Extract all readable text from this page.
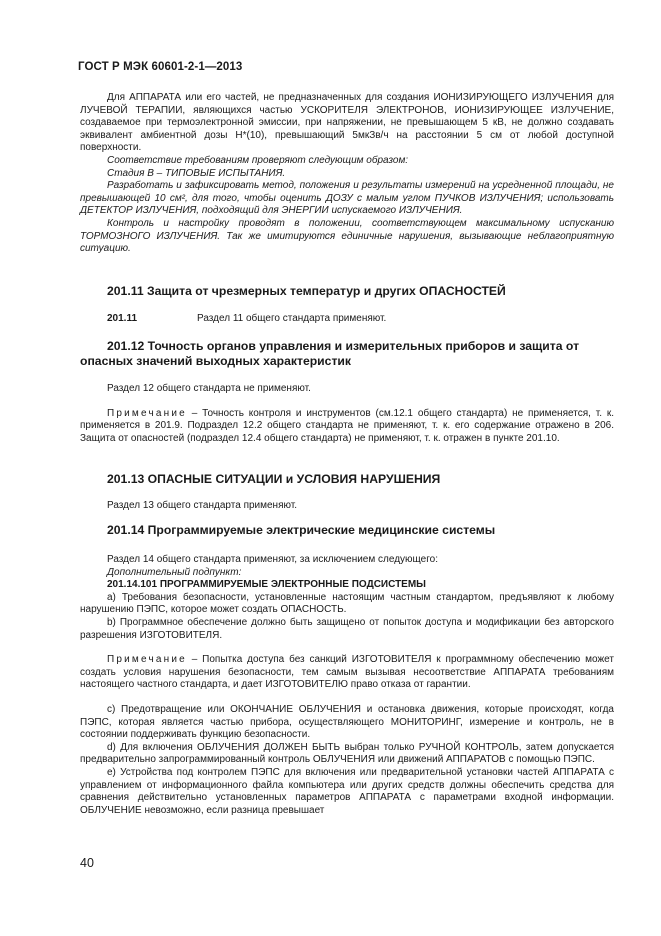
ГОСТ Р МЭК 60601-2-1—2013

Для АППАРАТА или его частей, не предназначенных для создания ИОНИЗИРУЮЩЕГО ИЗЛУЧЕНИЯ для ЛУЧЕВОЙ ТЕРАПИИ, являющихся частью УСКОРИТЕЛЯ ЭЛЕКТРОНОВ, ИОНИЗИРУЮЩЕЕ ИЗЛУЧЕНИЕ, создаваемое при термоэлектронной эмиссии, при напряжении, не превышающем 5 кВ, не должно создавать эквивалент амбиентной дозы H*(10), превышающий 5мкЗв/ч на расстоянии 5 см от любой доступной поверхности.

Соответствие требованиям проверяют следующим образом:

Стадия В – ТИПОВЫЕ ИСПЫТАНИЯ.

Разработать и зафиксировать метод, положения и результаты измерений на усредненной площади, не превышающей 10 см², для того, чтобы оценить ДОЗУ с малым углом ПУЧКОВ ИЗЛУЧЕНИЯ; использовать ДЕТЕКТОР ИЗЛУЧЕНИЯ, подходящий для ЭНЕРГИИ испускаемого ИЗЛУЧЕНИЯ.

Контроль и настройку проводят в положении, соответствующем максимальному испусканию ТОРМОЗНОГО ИЗЛУЧЕНИЯ. Так же имитируются единичные нарушения, вызывающие неблагоприятную ситуацию.

201.11 Защита от чрезмерных температур и других ОПАСНОСТЕЙ

201.11	Раздел 11 общего стандарта применяют.

201.12 Точность органов управления и измерительных приборов и защита от опасных значений выходных характеристик

Раздел 12 общего стандарта не применяют.

Примечание – Точность контроля и инструментов (см.12.1 общего стандарта) не применяется, т. к. применяется в 201.9. Подраздел 12.2 общего стандарта не применяют, т. к. его содержание отражено в 206. Защита от опасностей (подраздел 12.4 общего стандарта) не применяют, т. к. отражен в пункте 201.10.

201.13 ОПАСНЫЕ СИТУАЦИИ и УСЛОВИЯ НАРУШЕНИЯ

Раздел 13 общего стандарта применяют.

201.14 Программируемые электрические медицинские системы

Раздел 14 общего стандарта применяют, за исключением следующего:

Дополнительный подпункт:

201.14.101 ПРОГРАММИРУЕМЫЕ ЭЛЕКТРОННЫЕ ПОДСИСТЕМЫ

а) Требования безопасности, установленные настоящим частным стандартом, предъявляют к любому нарушению ПЭПС, которое может создать ОПАСНОСТЬ.

b) Программное обеспечение должно быть защищено от попыток доступа и модификации без авторского разрешения ИЗГОТОВИТЕЛЯ.

Примечание – Попытка доступа без санкций ИЗГОТОВИТЕЛЯ к программному обеспечению может создать условия нарушения безопасности, тем самым вызывая несоответствие АППАРАТА требованиям настоящего частного стандарта, и дает ИЗГОТОВИТЕЛЮ право отказа от гарантии.

с) Предотвращение или ОКОНЧАНИЕ ОБЛУЧЕНИЯ и остановка движения, которые происходят, когда ПЭПС, которая является частью прибора, осуществляющего МОНИТОРИНГ, измерение и контроль, не в состоянии поддерживать функцию безопасности.

d) Для включения ОБЛУЧЕНИЯ ДОЛЖЕН БЫТЬ выбран только РУЧНОЙ КОНТРОЛЬ, затем допускается предварительно запрограммированный контроль ОБЛУЧЕНИЯ или движений АППАРАТОВ с помощью ПЭПС.

е) Устройства под контролем ПЭПС для включения или предварительной установки частей АППАРАТА с управлением от информационного файла компьютера или других средств должны обеспечить средства для сравнения действительно установленных параметров АППАРАТА с параметрами входной информации. ОБЛУЧЕНИЕ невозможно, если разница превышает

40
